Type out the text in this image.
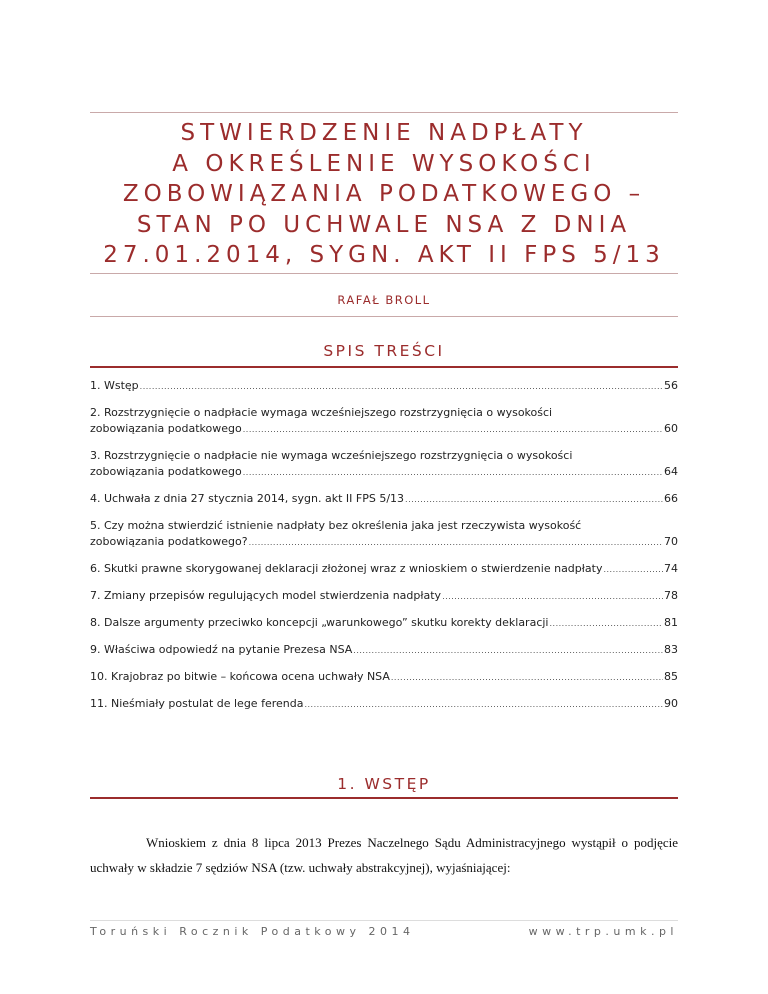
STWIERDZENIE NADPŁATY
A OKREŚLENIE WYSOKOŚCI
ZOBOWIĄZANIA PODATKOWEGO –
STAN PO UCHWALE NSA Z DNIA
27.01.2014, SYGN. AKT II FPS 5/13
RAFAŁ BROLL
SPIS TREŚCI
1. Wstęp .....	56
2. Rozstrzygnięcie o nadpłacie wymaga wcześniejszego rozstrzygnięcia o wysokości
zobowiązania podatkowego .....	60
3. Rozstrzygnięcie o nadpłacie nie wymaga wcześniejszego rozstrzygnięcia o wysokości
zobowiązania podatkowego .....	64
4. Uchwała z dnia 27 stycznia 2014, sygn. akt II FPS 5/13 .....	66
5. Czy można stwierdzić istnienie nadpłaty bez określenia jaka jest rzeczywista wysokość
zobowiązania podatkowego? .....	70
6. Skutki prawne skorygowanej deklaracji złożonej wraz z wnioskiem o stwierdzenie nadpłaty .....	74
7. Zmiany przepisów regulujących model stwierdzenia nadpłaty .....	78
8. Dalsze argumenty przeciwko koncepcji „warunkowego” skutku korekty deklaracji .....	81
9. Właściwa odpowiedź na pytanie Prezesa NSA .....	83
10. Krajobraz po bitwie – końcowa ocena uchwały NSA .....	85
11. Nieśmiały postulat de lege ferenda .....	90
1. WSTĘP
Wnioskiem z dnia 8 lipca 2013 Prezes Naczelnego Sądu Administracyjnego wystąpił o podjęcie uchwały w składzie 7 sędziów NSA (tzw. uchwały abstrakcyjnej), wyjaśniającej:
Toruński Rocznik Podatkowy 2014	www.trp.umk.pl
